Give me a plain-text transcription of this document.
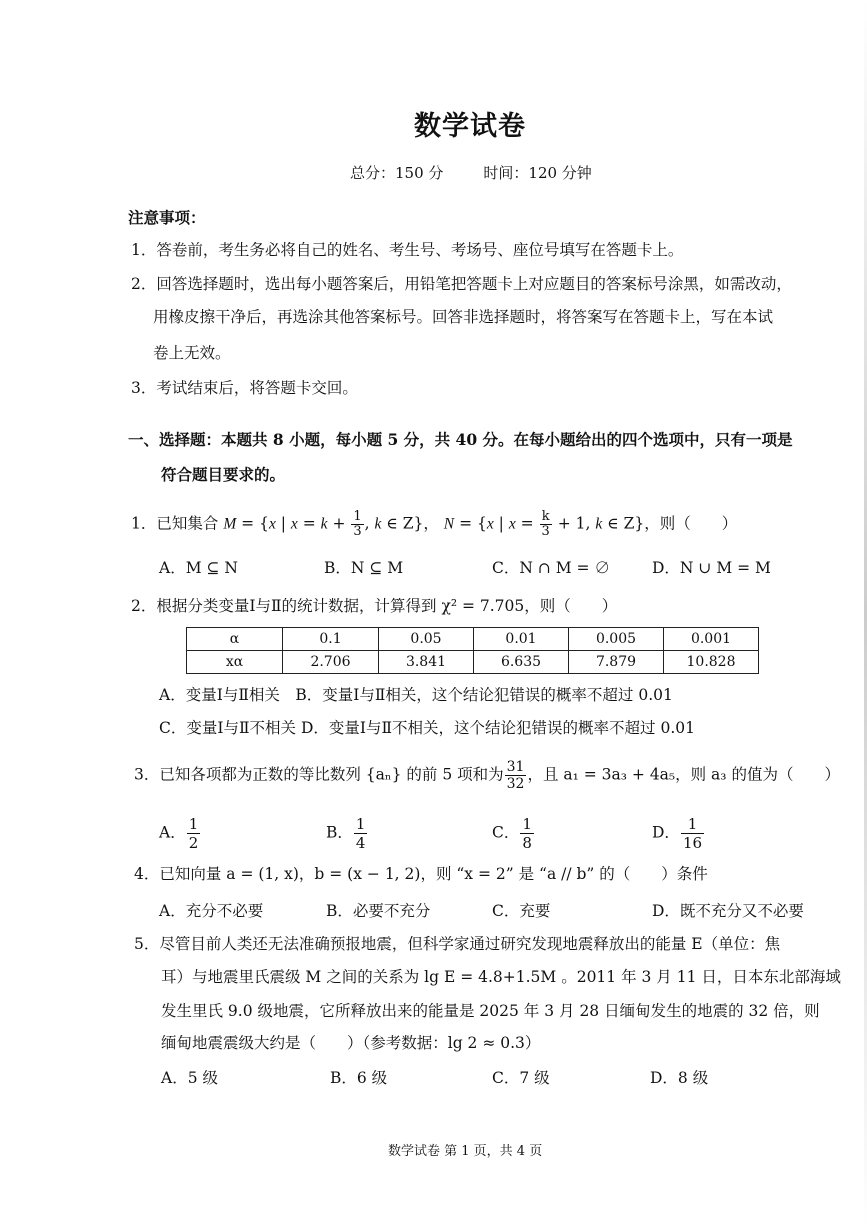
数学试卷
总分：150 分	时间：120 分钟
注意事项：
1．答卷前，考生务必将自己的姓名、考生号、考场号、座位号填写在答题卡上。
2．回答选择题时，选出每小题答案后，用铅笔把答题卡上对应题目的答案标号涂黑，如需改动，
用橡皮擦干净后，再选涂其他答案标号。回答非选择题时，将答案写在答题卡上，写在本试
卷上无效。
3．考试结束后，将答题卡交回。
一、选择题：本题共 8 小题，每小题 5 分，共 40 分。在每小题给出的四个选项中，只有一项是
符合题目要求的。
1．已知集合 M = {x | $x = k + \frac{1}{3}$ , k ∈ Z}， N = {x | $x = \frac{k}{3} + 1$, k ∈ Z}，则（　　）
A．M ⊆ N	B．N ⊆ M	C．N ∩ M = ∅	D．N ∪ M = M
2．根据分类变量Ⅰ与Ⅱ的统计数据，计算得到 χ² = 7.705，则（　　）
α	0.1	0.05	0.01	0.005	0.001
xα	2.706	3.841	6.635	7.879	10.828
A．变量Ⅰ与Ⅱ相关　B．变量Ⅰ与Ⅱ相关，这个结论犯错误的概率不超过 0.01
C．变量Ⅰ与Ⅱ不相关 D．变量Ⅰ与Ⅱ不相关，这个结论犯错误的概率不超过 0.01
3．已知各项都为正数的等比数列 {aₙ} 的前 5 项和为 $\frac{31}{32}$ ，且 a₁ = 3a₃ + 4a₅，则 a₃ 的值为（　　）
A． $\frac{1}{2}$	B． $\frac{1}{4}$	C． $\frac{1}{8}$	D． $\frac{1}{16}$
4．已知向量 a = (1, x)，b = (x − 1, 2)，则 “x = 2” 是 “a // b” 的（　　）条件
A．充分不必要	B．必要不充分	C．充要	D．既不充分又不必要
5．尽管目前人类还无法准确预报地震，但科学家通过研究发现地震释放出的能量 E（单位：焦
耳）与地震里氏震级 M 之间的关系为 lg E = 4.8+1.5M 。2011 年 3 月 11 日，日本东北部海域
发生里氏 9.0 级地震，它所释放出来的能量是 2025 年 3 月 28 日缅甸发生的地震的 32 倍，则
缅甸地震震级大约是（　　）（参考数据：lg 2 ≈ 0.3）
A．5 级	B．6 级	C．7 级	D．8 级
数学试卷 第 1 页，共 4 页
